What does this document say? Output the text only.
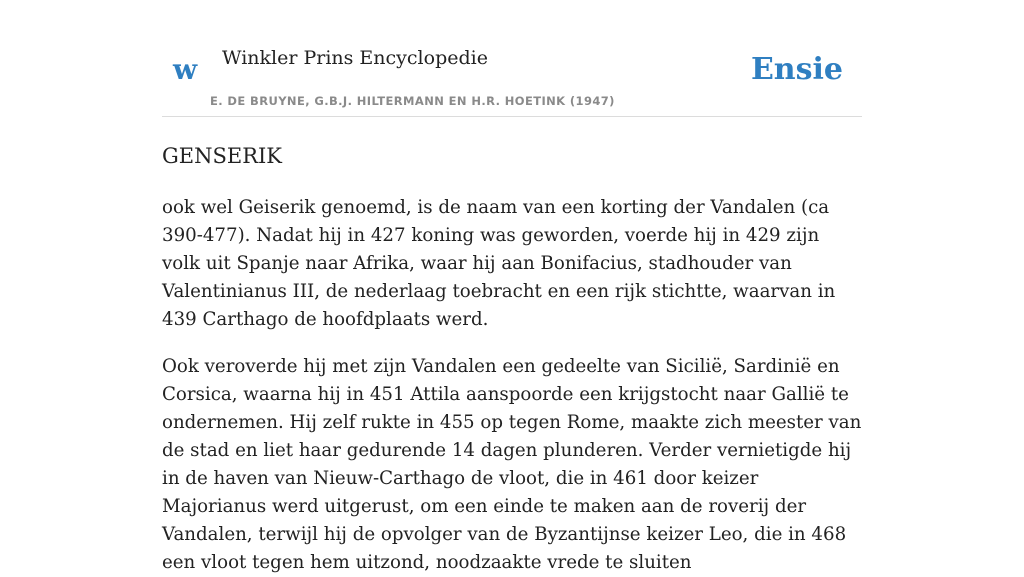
w Winkler Prins Encyclopedie
E. DE BRUYNE, G.B.J. HILTERMANN EN H.R. HOETINK (1947)
Ensie
GENSERIK

ook wel Geiserik genoemd, is de naam van een korting der Vandalen (ca 390-477). Nadat hij in 427 koning was geworden, voerde hij in 429 zijn volk uit Spanje naar Afrika, waar hij aan Bonifacius, stadhouder van Valentinianus III, de nederlaag toebracht en een rijk stichtte, waarvan in 439 Carthago de hoofdplaats werd.

Ook veroverde hij met zijn Vandalen een gedeelte van Sicilië, Sardinië en Corsica, waarna hij in 451 Attila aanspoorde een krijgstocht naar Gallië te ondernemen. Hij zelf rukte in 455 op tegen Rome, maakte zich meester van de stad en liet haar gedurende 14 dagen plunderen. Verder vernietigde hij in de haven van Nieuw-Carthago de vloot, die in 461 door keizer Majorianus werd uitgerust, om een einde te maken aan de roverij der Vandalen, terwijl hij de opvolger van de Byzantijnse keizer Leo, die in 468 een vloot tegen hem uitzond, noodzaakte vrede te sluiten
